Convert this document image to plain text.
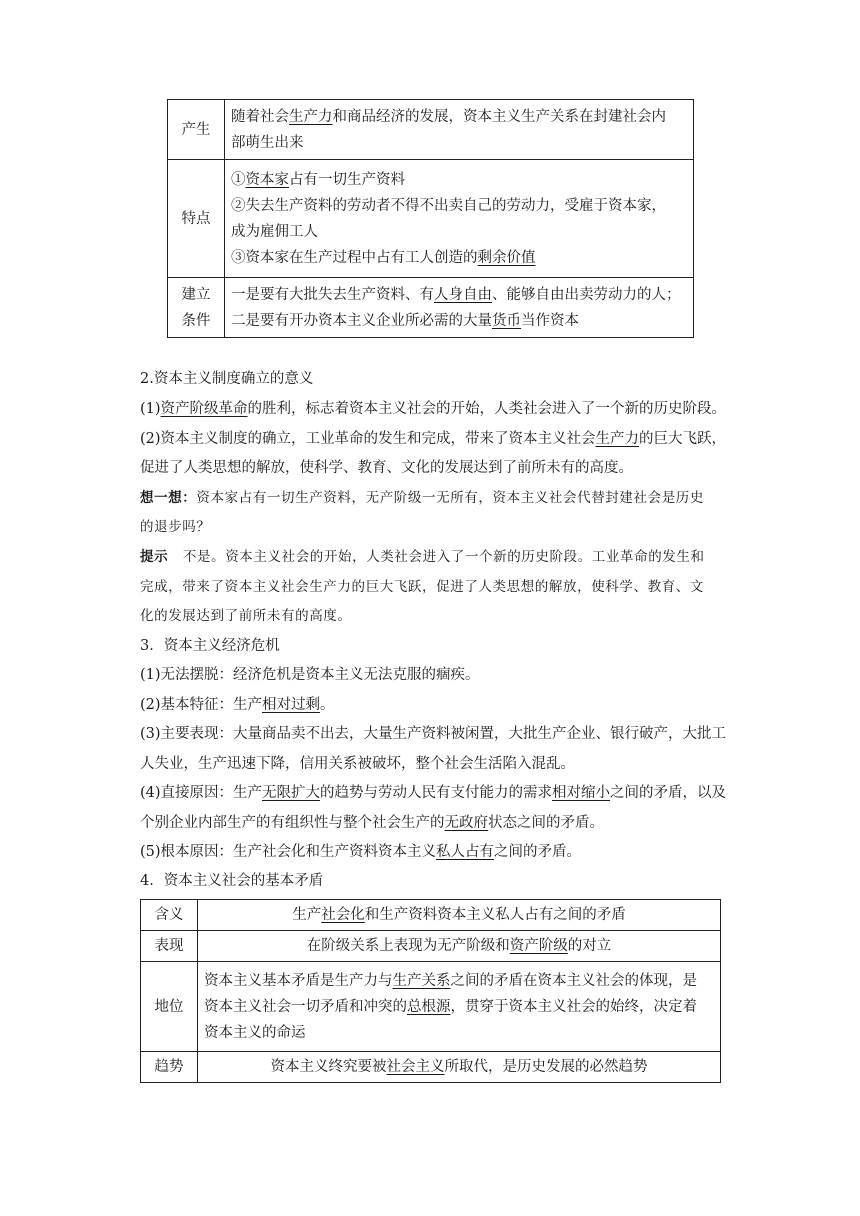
产生	随着社会生产力和商品经济的发展，资本主义生产关系在封建社会内
部萌生出来

特点	①资本家占有一切生产资料
②失去生产资料的劳动者不得不出卖自己的劳动力，受雇于资本家，
成为雇佣工人
③资本家在生产过程中占有工人创造的剩余价值

建立
条件	一是要有大批失去生产资料、有人身自由、能够自由出卖劳动力的人；
二是要有开办资本主义企业所必需的大量货币当作资本
2.资本主义制度确立的意义
(1)资产阶级革命的胜利，标志着资本主义社会的开始，人类社会进入了一个新的历史阶段。
(2)资本主义制度的确立，工业革命的发生和完成，带来了资本主义社会生产力的巨大飞跃，
促进了人类思想的解放，使科学、教育、文化的发展达到了前所未有的高度。
想一想：资本家占有一切生产资料，无产阶级一无所有，资本主义社会代替封建社会是历史
的退步吗？
提示 不是。资本主义社会的开始，人类社会进入了一个新的历史阶段。工业革命的发生和
完成，带来了资本主义社会生产力的巨大飞跃，促进了人类思想的解放，使科学、教育、文
化的发展达到了前所未有的高度。
3．资本主义经济危机
(1)无法摆脱：经济危机是资本主义无法克服的痼疾。
(2)基本特征：生产相对过剩。
(3)主要表现：大量商品卖不出去，大量生产资料被闲置，大批生产企业、银行破产，大批工
人失业，生产迅速下降，信用关系被破坏，整个社会生活陷入混乱。
(4)直接原因：生产无限扩大的趋势与劳动人民有支付能力的需求相对缩小之间的矛盾，以及
个别企业内部生产的有组织性与整个社会生产的无政府状态之间的矛盾。
(5)根本原因：生产社会化和生产资料资本主义私人占有之间的矛盾。
4．资本主义社会的基本矛盾
含义	生产社会化和生产资料资本主义私人占有之间的矛盾
表现	在阶级关系上表现为无产阶级和资产阶级的对立
地位	资本主义基本矛盾是生产力与生产关系之间的矛盾在资本主义社会的体现，是
资本主义社会一切矛盾和冲突的总根源，贯穿于资本主义社会的始终，决定着
资本主义的命运

趋势	资本主义终究要被社会主义所取代，是历史发展的必然趋势
